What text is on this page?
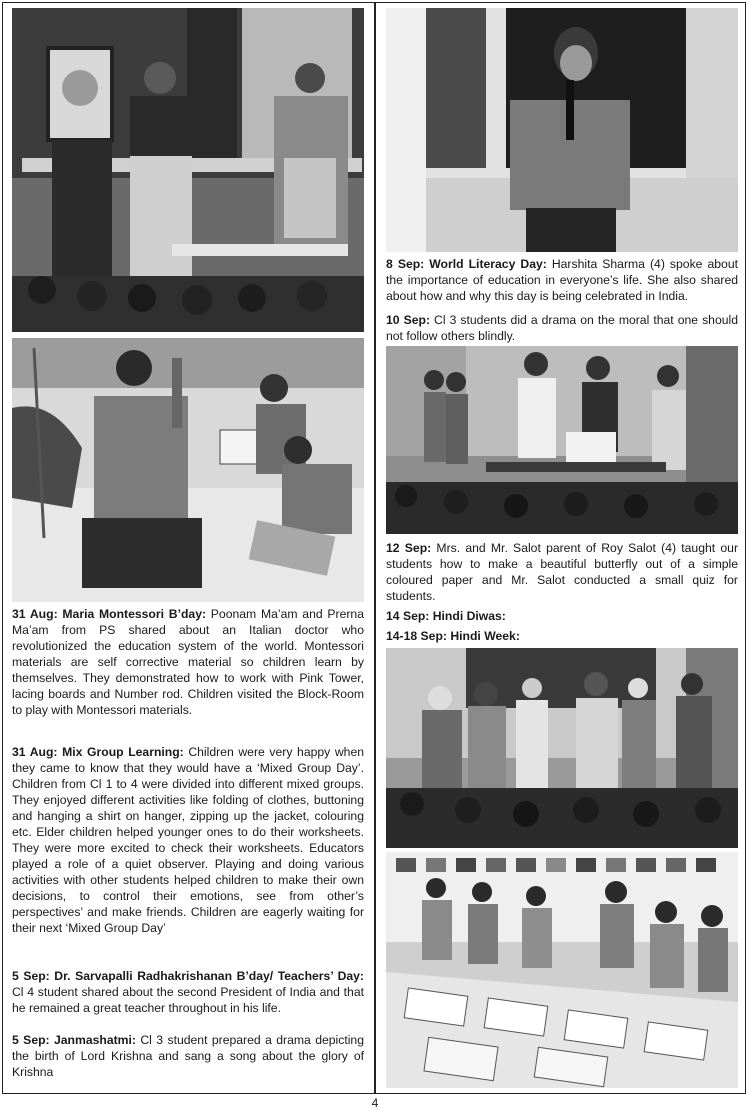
31 Aug: Maria Montessori B’day: Poonam Ma’am and Prerna Ma’am from PS shared about an Italian doctor who revolutionized the education system of the world. Montessori materials are self corrective material so children learn by themselves. They demonstrated how to work with Pink Tower, lacing boards and Number rod. Children visited the Block-Room to play with Montessori materials.

31 Aug: Mix Group Learning: Children were very happy when they came to know that they would have a ‘Mixed Group Day’. Children from Cl 1 to 4 were divided into different mixed groups. They enjoyed different activities like folding of clothes, buttoning and hanging a shirt on hanger, zipping up the jacket, colouring etc. Elder children helped younger ones to do their worksheets. They were more excited to check their worksheets. Educators played a role of a quiet observer. Playing and doing various activities with other students helped children to make their own decisions, to control their emotions, see from other’s perspectives’ and make friends. Children are eagerly waiting for their next ‘Mixed Group Day’

5 Sep: Dr. Sarvapalli Radhakrishanan B’day/ Teachers’ Day: Cl 4 student shared about the second President of India and that he remained a great teacher throughout in his life.

5 Sep: Janmashatmi: Cl 3 student prepared a drama depicting the birth of Lord Krishna and sang a song about the glory of Krishna

8 Sep: World Literacy Day: Harshita Sharma (4) spoke about the importance of education in everyone’s life. She also shared about how and why this day is being celebrated in India.

10 Sep: Cl 3 students did a drama on the moral that one should not follow others blindly.

12 Sep: Mrs. and Mr. Salot parent of Roy Salot (4) taught our students how to make a beautiful butterfly out of a simple coloured paper and Mr. Salot conducted a small quiz for students.

14 Sep: Hindi Diwas:

14-18 Sep: Hindi Week:

4
